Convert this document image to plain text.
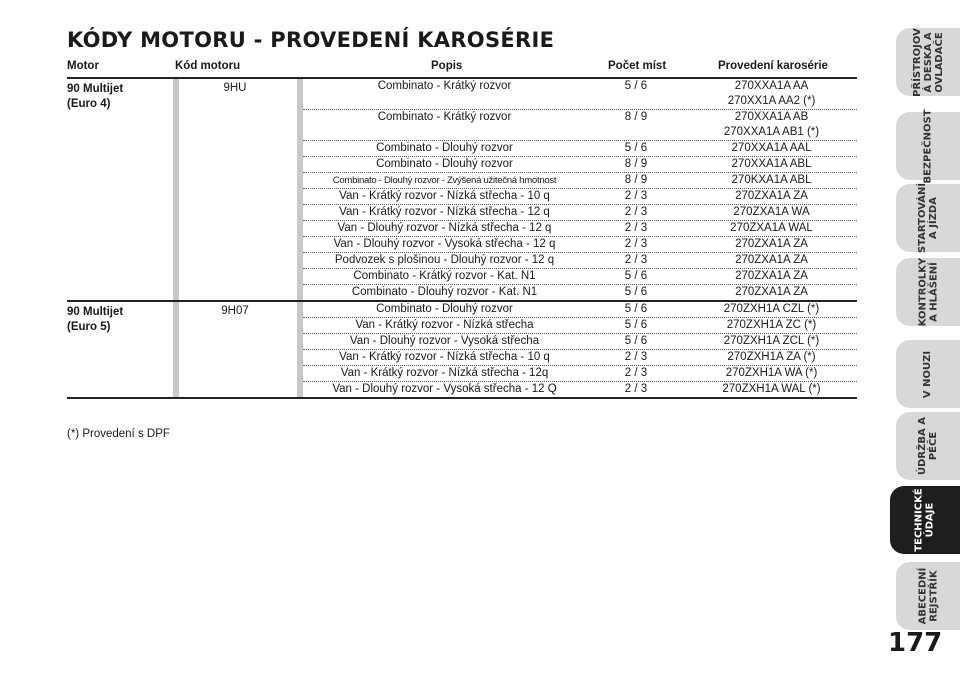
KÓDY MOTORU - PROVEDENÍ KAROSÉRIE
Motor	Kód motoru	Popis	Počet míst	Provedení karosérie
90 Multijet
(Euro 4)
9HU	Combinato - Krátký rozvor	5 / 6	270XXA1A AA
270XX1A AA2 (*)
Combinato - Krátký rozvor	8 / 9	270XXA1A AB
270XXA1A AB1 (*)
Combinato - Dlouhý rozvor	5 / 6	270XXA1A AAL
Combinato - Dlouhý rozvor	8 / 9	270XXA1A ABL
Combinato - Dlouhý rozvor - Zvýšená užitečná hmotnost	8 / 9	270KXA1A ABL
Van - Krátký rozvor - Nízká střecha - 10 q	2 / 3	270ZXA1A ZA
Van - Krátký rozvor - Nízká střecha - 12 q	2 / 3	270ZXA1A WA
Van - Dlouhý rozvor - Nízká střecha - 12 q	2 / 3	270ZXA1A WAL
Van - Dlouhý rozvor - Vysoká střecha - 12 q	2 / 3	270ZXA1A ZA
Podvozek s plošinou - Dlouhý rozvor - 12 q	2 / 3	270ZXA1A ZA
Combinato - Krátký rozvor - Kat. N1	5 / 6	270ZXA1A ZA
Combinato - Dlouhý rozvor - Kat. N1	5 / 6	270ZXA1A ZA
90 Multijet
(Euro 5)
9H07	Combinato - Dlouhý rozvor	5 / 6	270ZXH1A CZL (*)
Van - Krátký rozvor - Nízká střecha	5 / 6	270ZXH1A ZC (*)
Van - Dlouhý rozvor - Vysoká střecha	5 / 6	270ZXH1A ZCL (*)
Van - Krátký rozvor - Nízká střecha - 10 q	2 / 3	270ZXH1A ZA (*)
Van - Krátký rozvor - Nízká střecha - 12q	2 / 3	270ZXH1A WA (*)
Van - Dlouhý rozvor - Vysoká střecha - 12 Q	2 / 3	270ZXH1A WAL (*)
(*) Provedení s DPF
PŘÍSTROJOV Á DESKA A OVLADAČE
BEZPEČNOST
STARTOVÁNÍ A JÍZDA
KONTROLKY A HLÁŠENÍ
V NOUZI
ÚDRŽBA A PÉČE
TECHNICKÉ ÚDAJE
ABECEDNÍ REJSTŘÍK
177
